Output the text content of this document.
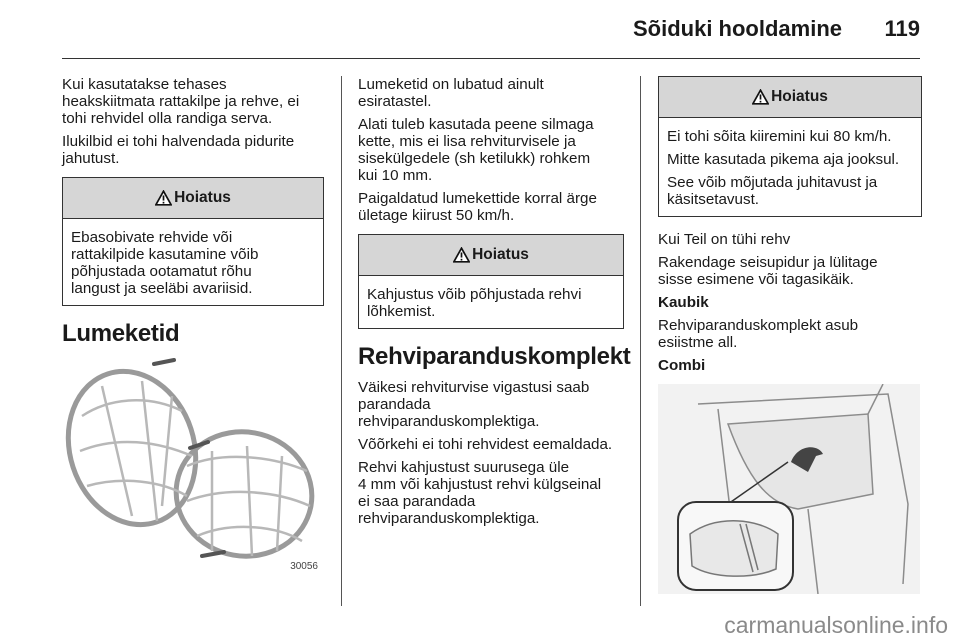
Sõiduki hooldamine	119

Kui kasutatakse tehases
heakskiitmata rattakilpe ja rehve, ei
tohi rehvidel olla randiga serva.

Ilukilbid ei tohi halvendada pidurite
jahutust.

Hoiatus

Ebasobivate rehvide või
rattakilpide kasutamine võib
põhjustada ootamatut rõhu
langust ja seeläbi avariisid.

Lumeketid
30056

Lumeketid on lubatud ainult
esiratastel.

Alati tuleb kasutada peene silmaga
kette, mis ei lisa rehviturvisele ja
sisekülgedele (sh ketilukk) rohkem
kui 10 mm.

Paigaldatud lumekettide korral ärge
ületage kiirust 50 km/h.

Hoiatus

Kahjustus võib põhjustada rehvi
lõhkemist.

Rehviparanduskomplekt

Väikesi rehviturvise vigastusi saab
parandada
rehviparanduskomplektiga.

Võõrkehi ei tohi rehvidest eemaldada.

Rehvi kahjustust suurusega üle
4 mm või kahjustust rehvi külgseinal
ei saa parandada
rehviparanduskomplektiga.

Hoiatus

Ei tohi sõita kiiremini kui 80 km/h.

Mitte kasutada pikema aja jooksul.

See võib mõjutada juhitavust ja
käsitsetavust.

Kui Teil on tühi rehv

Rakendage seisupidur ja lülitage
sisse esimene või tagasikäik.

Kaubik

Rehviparanduskomplekt asub
esiistme all.

Combi

carmanualsonline.info
